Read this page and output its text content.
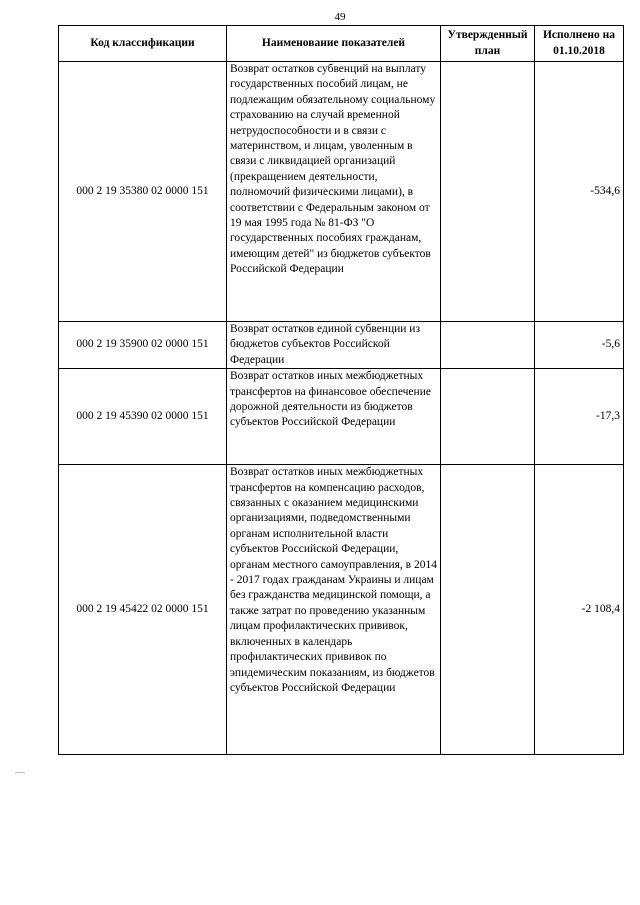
49
Код классификации	Наименование показателей	Утвержденный план	Исполнено на 01.10.2018
000 2 19 35380 02 0000 151	Возврат остатков субвенций на выплату государственных пособий лицам, не подлежащим обязательному социальному страхованию на случай временной нетрудоспособности и в связи с материнством, и лицам, уволенным в связи с ликвидацией организаций (прекращением деятельности, полномочий физическими лицами), в соответствии с Федеральным законом от 19 мая 1995 года № 81-ФЗ "О государственных пособиях гражданам, имеющим детей" из бюджетов субъектов Российской Федерации		-534,6
000 2 19 35900 02 0000 151	Возврат остатков единой субвенции из бюджетов субъектов Российской Федерации		-5,6
000 2 19 45390 02 0000 151	Возврат остатков иных межбюджетных трансфертов на финансовое обеспечение дорожной деятельности из бюджетов субъектов Российской Федерации		-17,3
000 2 19 45422 02 0000 151	Возврат остатков иных межбюджетных трансфертов на компенсацию расходов, связанных с оказанием медицинскими организациями, подведомственными органам исполнительной власти субъектов Российской Федерации, органам местного самоуправления, в 2014 - 2017 годах гражданам Украины и лицам без гражданства медицинской помощи, а также затрат по проведению указанным лицам профилактических прививок, включенных в календарь профилактических прививок по эпидемическим показаниям, из бюджетов субъектов Российской Федерации		-2 108,4
